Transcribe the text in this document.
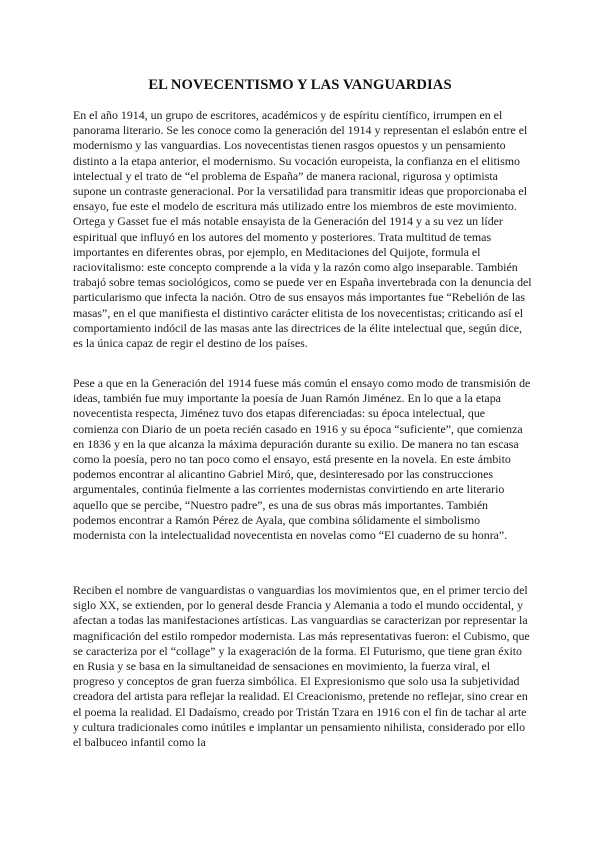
EL NOVECENTISMO Y LAS VANGUARDIAS

En el año 1914, un grupo de escritores, académicos y de espíritu científico, irrumpen en el panorama literario. Se les conoce como la generación del 1914 y representan el eslabón entre el modernismo y las vanguardias. Los novecentistas tienen rasgos opuestos y un pensamiento distinto a la etapa anterior, el modernismo. Su vocación europeista, la confianza en el elitismo intelectual y el trato de “el problema de España” de manera racional, rigurosa y optimista supone un contraste generacional. Por la versatilidad para transmitir ideas que proporcionaba el ensayo, fue este el modelo de escritura más utilizado entre los miembros de este movimiento. Ortega y Gasset fue el más notable ensayista de la Generación del 1914 y a su vez un líder espiritual que influyó en los autores del momento y posteriores. Trata multitud de temas importantes en diferentes obras, por ejemplo, en Meditaciones del Quijote, formula el raciovitalismo: este concepto comprende a la vida y la razón como algo inseparable. También trabajó sobre temas sociológicos, como se puede ver en España invertebrada con la denuncia del particularismo que infecta la nación. Otro de sus ensayos más importantes fue “Rebelión de las masas”, en el que manifiesta el distintivo carácter elitista de los novecentistas; criticando así el comportamiento indócil de las masas ante las directrices de la élite intelectual que, según dice, es la única capaz de regir el destino de los países.

Pese a que en la Generación del 1914 fuese más común el ensayo como modo de transmisión de ideas, también fue muy importante la poesía de Juan Ramón Jiménez. En lo que a la etapa novecentista respecta, Jiménez tuvo dos etapas diferenciadas: su época intelectual, que comienza con Diario de un poeta recién casado en 1916 y su época “suficiente”, que comienza en 1836 y en la que alcanza la máxima depuración durante su exilio. De manera no tan escasa como la poesía, pero no tan poco como el ensayo, está presente en la novela. En este ámbito podemos encontrar al alicantino Gabriel Miró, que, desinteresado por las construcciones argumentales, continúa fielmente a las corrientes modernistas convirtiendo en arte literario aquello que se percibe, “Nuestro padre”, es una de sus obras más importantes. También podemos encontrar a Ramón Pérez de Ayala, que combina sólidamente el simbolismo modernista con la intelectualidad novecentista en novelas como “El cuaderno de su honra”.

Reciben el nombre de vanguardistas o vanguardias los movimientos que, en el primer tercio del siglo XX, se extienden, por lo general desde Francia y Alemania a todo el mundo occidental, y afectan a todas las manifestaciones artísticas. Las vanguardias se caracterizan por representar la magnificación del estilo rompedor modernista. Las más representativas fueron: el Cubismo, que se caracteriza por el “collage” y la exageración de la forma. El Futurismo, que tiene gran éxito en Rusia y se basa en la simultaneidad de sensaciones en movimiento, la fuerza viral, el progreso y conceptos de gran fuerza simbólica. El Expresionismo que solo usa la subjetividad creadora del artista para reflejar la realidad. El Creacionismo, pretende no reflejar, sino crear en el poema la realidad. El Dadaísmo, creado por Tristán Tzara en 1916 con el fin de tachar al arte y cultura tradicionales como inútiles e implantar un pensamiento nihilista, considerado por ello el balbuceo infantil como la
